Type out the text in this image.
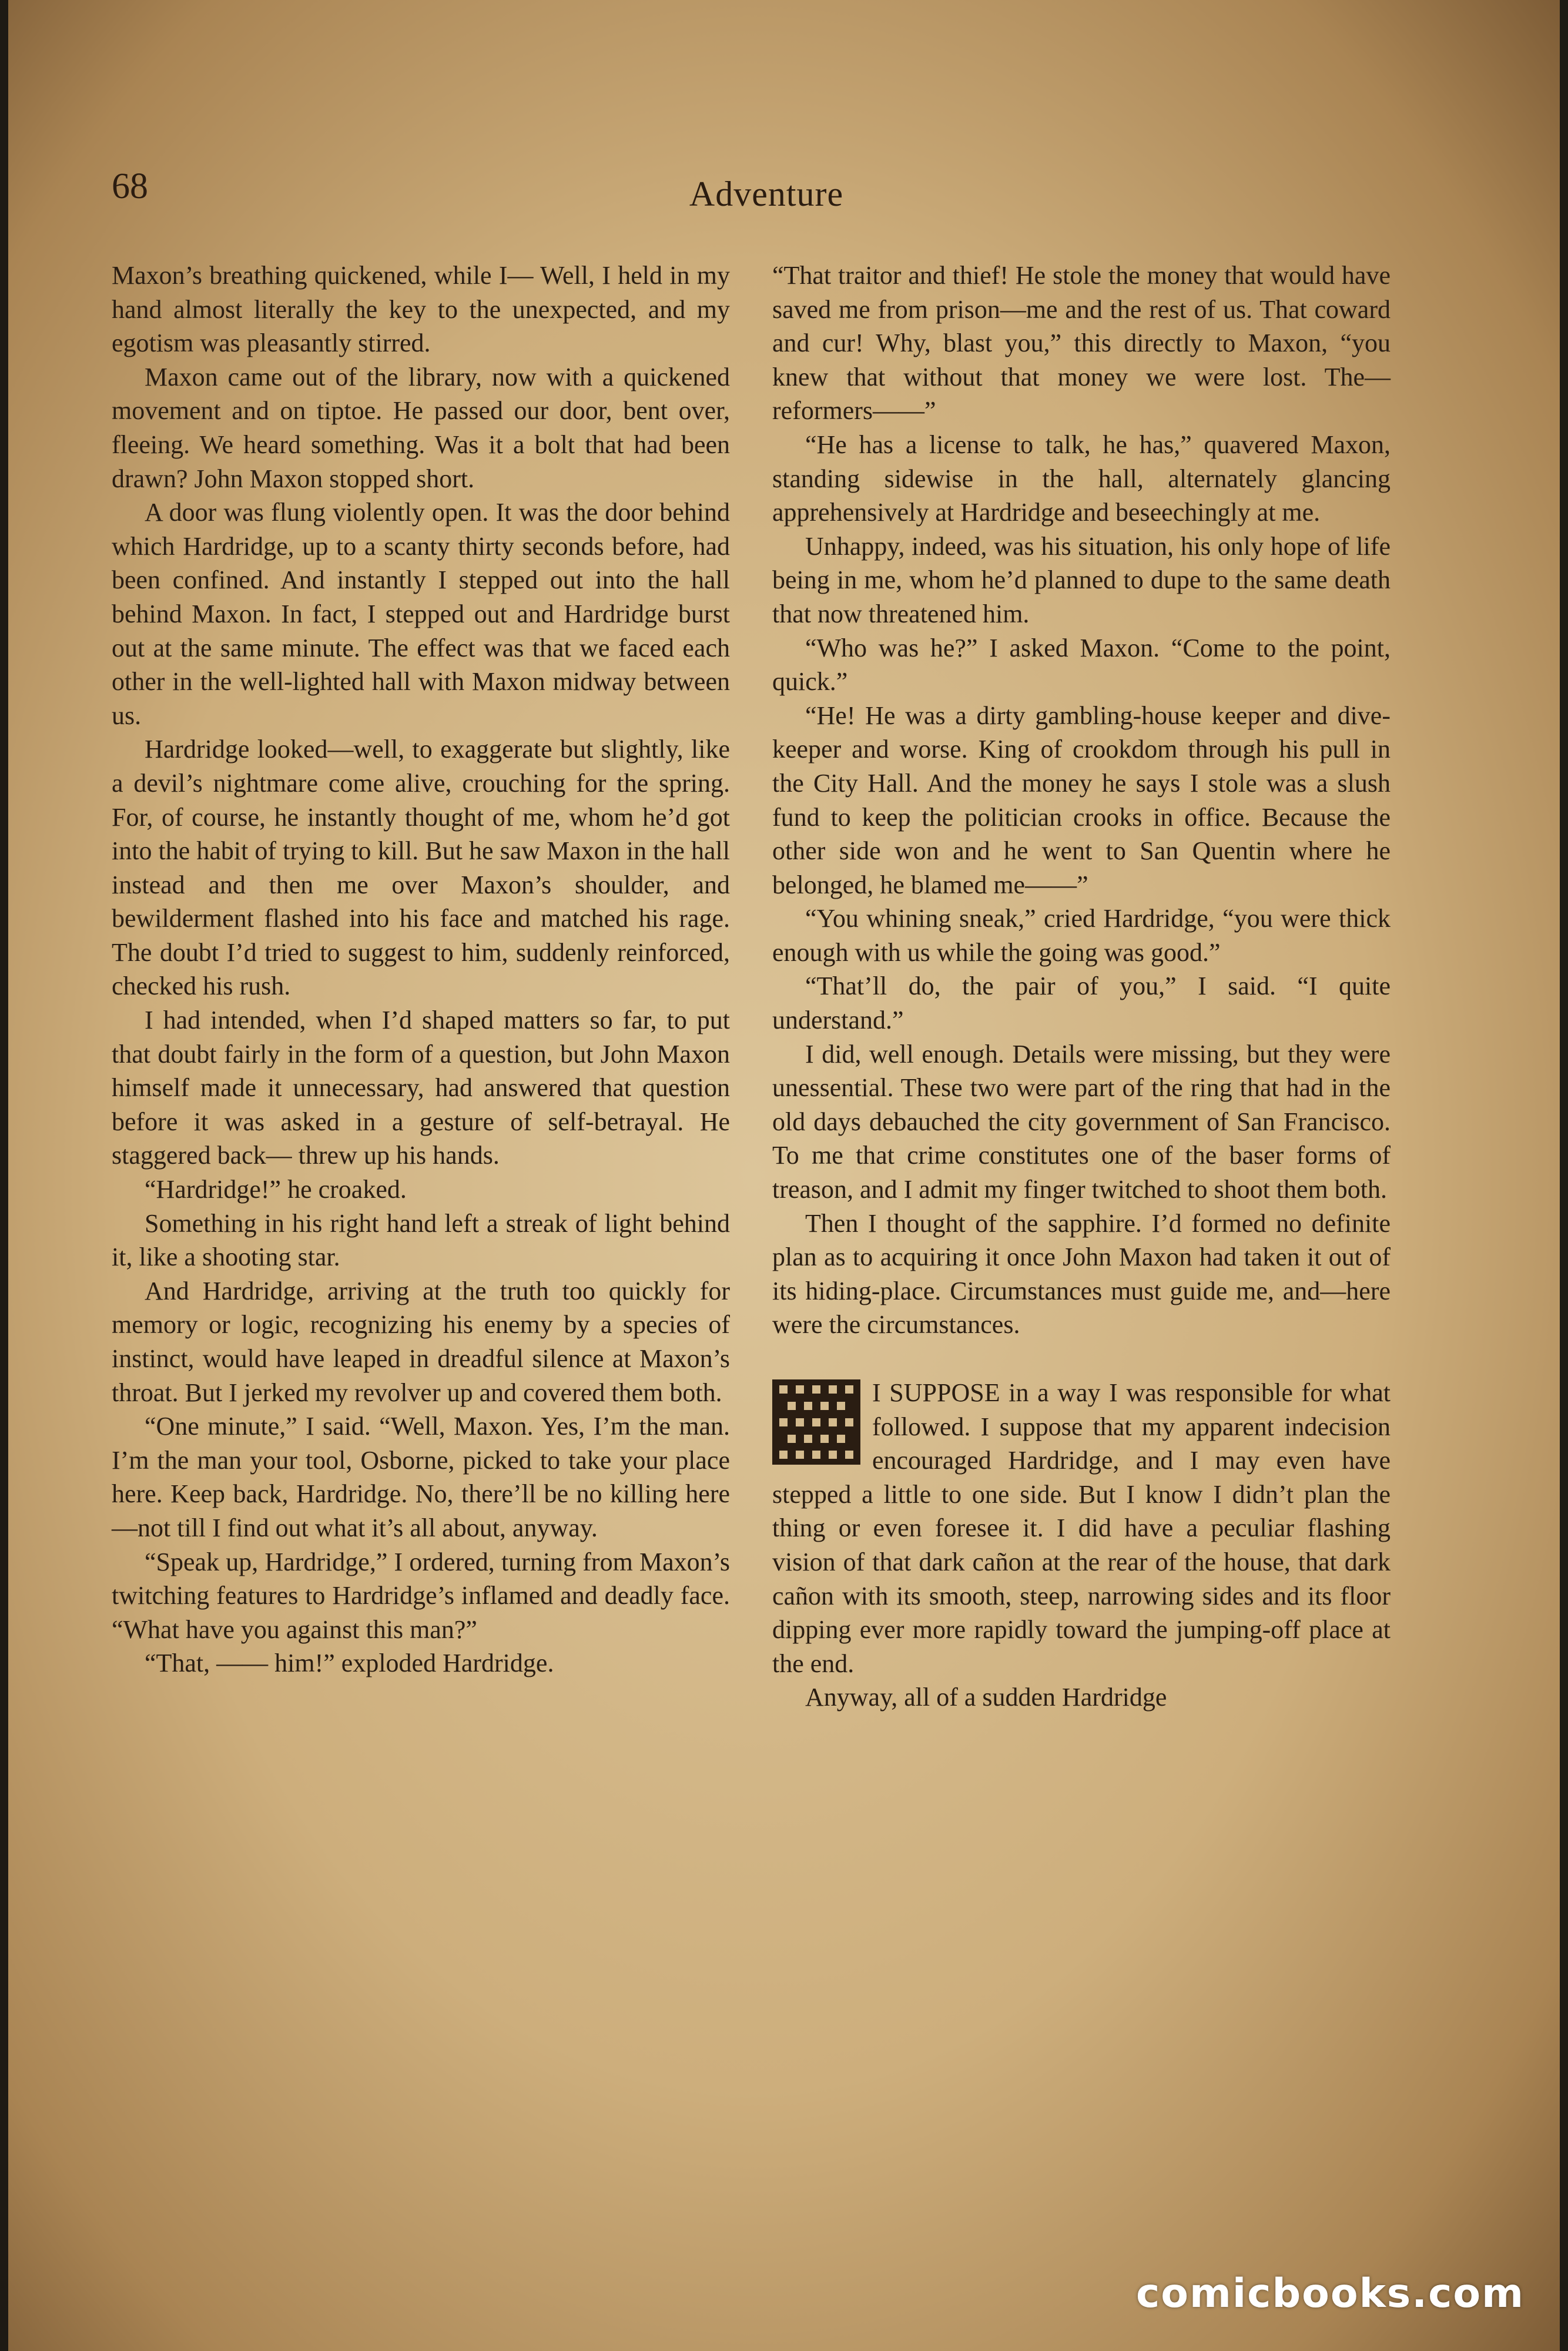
68	Adventure

Maxon’s breathing quickened, while I— Well, I held in my hand almost literally the key to the unexpected, and my egotism was pleasantly stirred.

Maxon came out of the library, now with a quickened movement and on tiptoe. He passed our door, bent over, fleeing. We heard something. Was it a bolt that had been drawn? John Maxon stopped short.

A door was flung violently open. It was the door behind which Hardridge, up to a scanty thirty seconds before, had been confined. And instantly I stepped out into the hall behind Maxon. In fact, I stepped out and Hardridge burst out at the same minute. The effect was that we faced each other in the well-lighted hall with Maxon midway between us.

Hardridge looked—well, to exaggerate but slightly, like a devil’s nightmare come alive, crouching for the spring. For, of course, he instantly thought of me, whom he’d got into the habit of trying to kill. But he saw Maxon in the hall instead and then me over Maxon’s shoulder, and bewilderment flashed into his face and matched his rage. The doubt I’d tried to suggest to him, suddenly reinforced, checked his rush.

I had intended, when I’d shaped matters so far, to put that doubt fairly in the form of a question, but John Maxon himself made it unnecessary, had answered that question before it was asked in a gesture of self-betrayal. He staggered back— threw up his hands.

“Hardridge!” he croaked.

Something in his right hand left a streak of light behind it, like a shooting star.

And Hardridge, arriving at the truth too quickly for memory or logic, recognizing his enemy by a species of instinct, would have leaped in dreadful silence at Maxon’s throat. But I jerked my revolver up and covered them both.

“One minute,” I said. “Well, Maxon. Yes, I’m the man. I’m the man your tool, Osborne, picked to take your place here. Keep back, Hardridge. No, there’ll be no killing here—not till I find out what it’s all about, anyway.

“Speak up, Hardridge,” I ordered, turning from Maxon’s twitching features to Hardridge’s inflamed and deadly face. “What have you against this man?”

“That, —— him!” exploded Hardridge.

“That traitor and thief! He stole the money that would have saved me from prison—me and the rest of us. That coward and cur! Why, blast you,” this directly to Maxon, “you knew that without that money we were lost. The—reformers——”

“He has a license to talk, he has,” quavered Maxon, standing sidewise in the hall, alternately glancing apprehensively at Hardridge and beseechingly at me.

Unhappy, indeed, was his situation, his only hope of life being in me, whom he’d planned to dupe to the same death that now threatened him.

“Who was he?” I asked Maxon. “Come to the point, quick.”

“He! He was a dirty gambling-house keeper and dive-keeper and worse. King of crookdom through his pull in the City Hall. And the money he says I stole was a slush fund to keep the politician crooks in office. Because the other side won and he went to San Quentin where he belonged, he blamed me——”

“You whining sneak,” cried Hardridge, “you were thick enough with us while the going was good.”

“That’ll do, the pair of you,” I said. “I quite understand.”

I did, well enough. Details were missing, but they were unessential. These two were part of the ring that had in the old days debauched the city government of San Francisco. To me that crime constitutes one of the baser forms of treason, and I admit my finger twitched to shoot them both.

Then I thought of the sapphire. I’d formed no definite plan as to acquiring it once John Maxon had taken it out of its hiding-place. Circumstances must guide me, and—here were the circumstances.

I SUPPOSE in a way I was responsible for what followed. I suppose that my apparent indecision encouraged Hardridge, and I may even have stepped a little to one side. But I know I didn’t plan the thing or even foresee it. I did have a peculiar flashing vision of that dark cañon at the rear of the house, that dark cañon with its smooth, steep, narrowing sides and its floor dipping ever more rapidly toward the jumping-off place at the end.

Anyway, all of a sudden Hardridge

comicbooks.com
